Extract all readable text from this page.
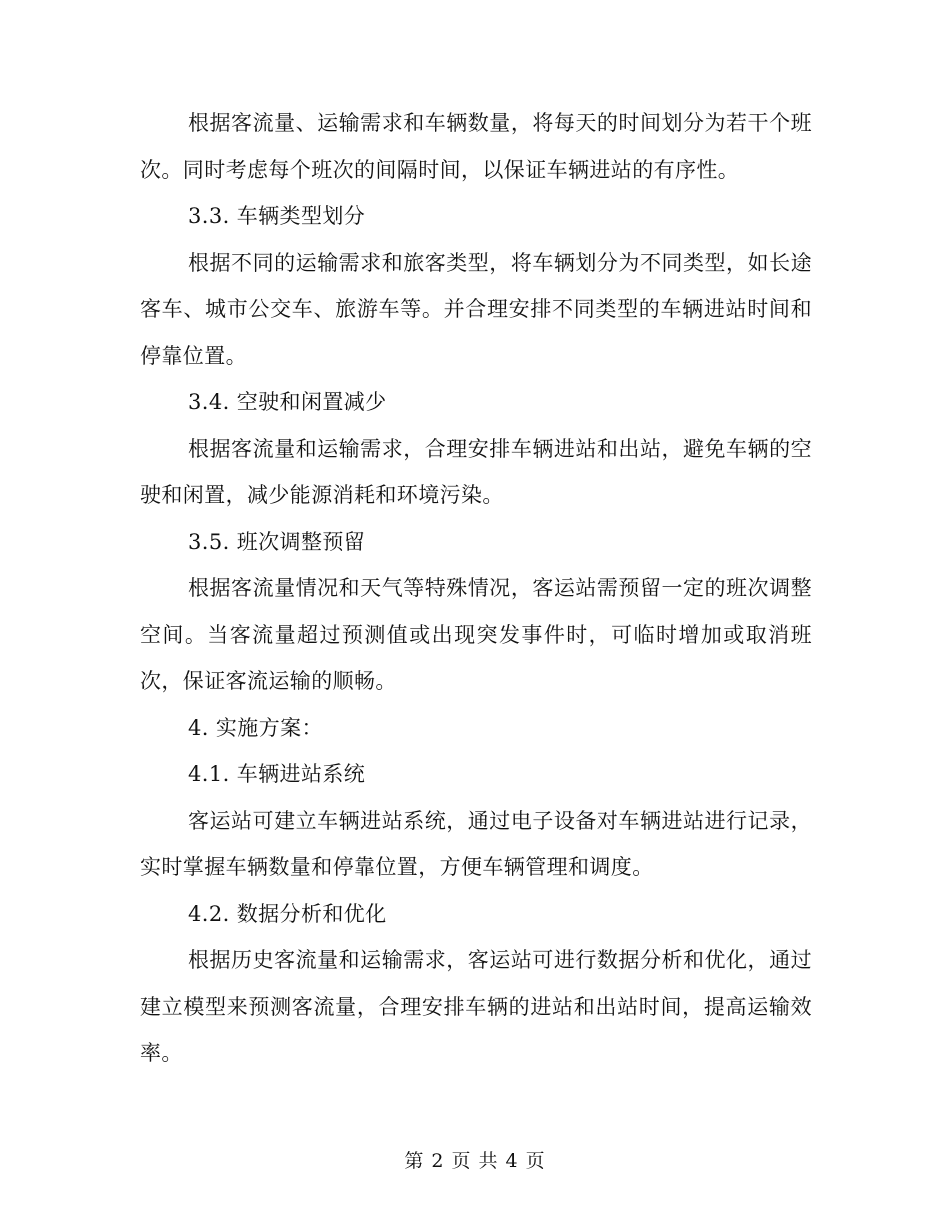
根据客流量、运输需求和车辆数量，将每天的时间划分为若干个班次。同时考虑每个班次的间隔时间，以保证车辆进站的有序性。

3.3. 车辆类型划分

根据不同的运输需求和旅客类型，将车辆划分为不同类型，如长途客车、城市公交车、旅游车等。并合理安排不同类型的车辆进站时间和停靠位置。

3.4. 空驶和闲置减少

根据客流量和运输需求，合理安排车辆进站和出站，避免车辆的空驶和闲置，减少能源消耗和环境污染。

3.5. 班次调整预留

根据客流量情况和天气等特殊情况，客运站需预留一定的班次调整空间。当客流量超过预测值或出现突发事件时，可临时增加或取消班次，保证客流运输的顺畅。

4. 实施方案：

4.1. 车辆进站系统

客运站可建立车辆进站系统，通过电子设备对车辆进站进行记录，实时掌握车辆数量和停靠位置，方便车辆管理和调度。

4.2. 数据分析和优化

根据历史客流量和运输需求，客运站可进行数据分析和优化，通过建立模型来预测客流量，合理安排车辆的进站和出站时间，提高运输效率。

第 2 页 共 4 页
